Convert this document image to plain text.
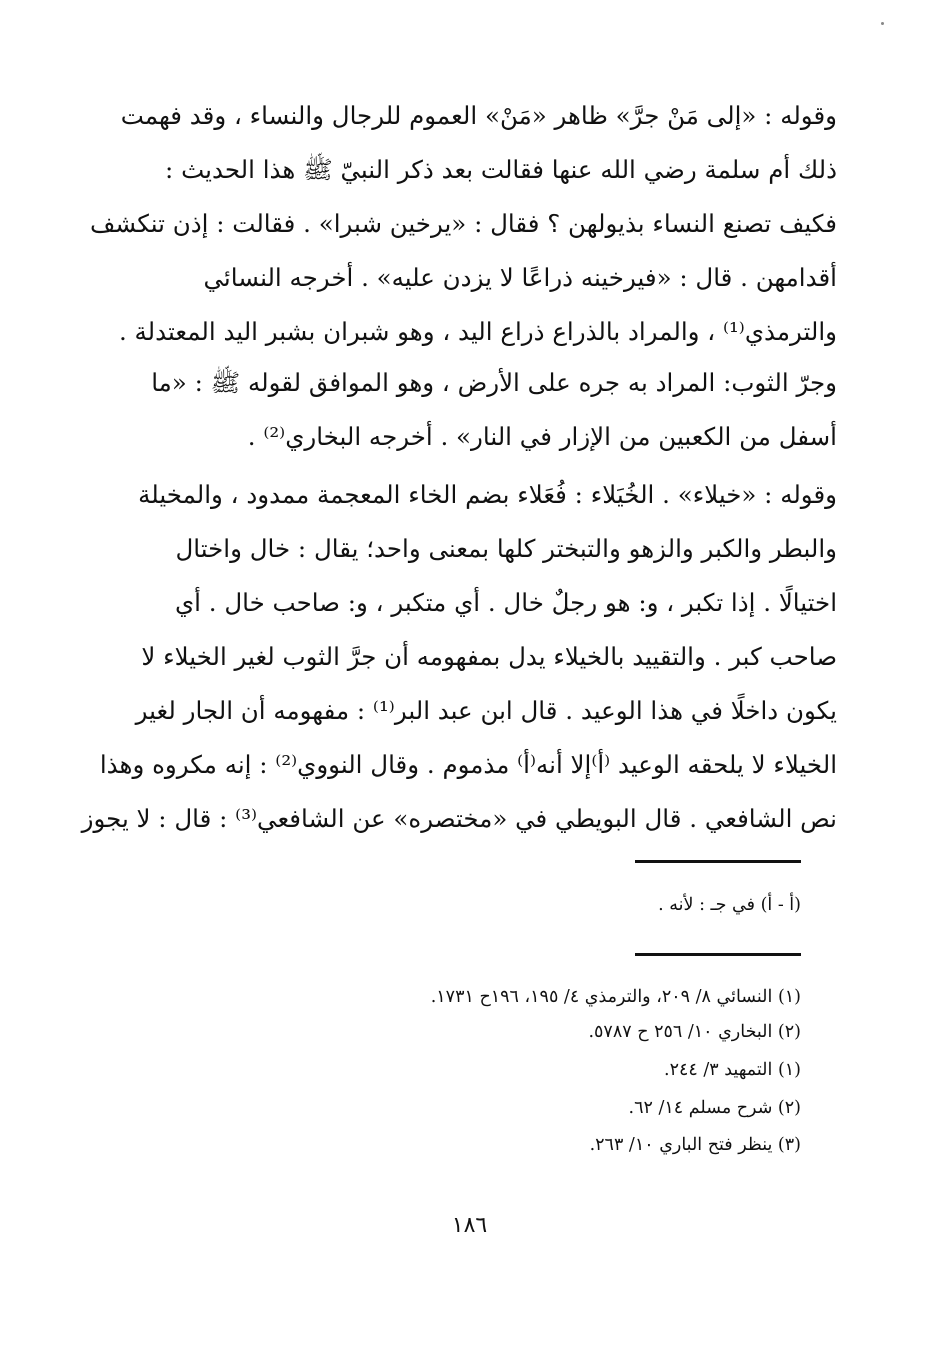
وقوله : «إلى مَنْ جرَّ» ظاهر «مَنْ» العموم للرجال والنساء ، وقد فهمت
ذلك أم سلمة رضي الله عنها فقالت بعد ذكر النبيّ ﷺ هذا الحديث :
فكيف تصنع النساء بذيولهن ؟ فقال : «يرخين شبرا» . فقالت : إذن تنكشف
أقدامهن . قال : «فيرخينه ذراعًا لا يزدن عليه» . أخرجه النسائي
والترمذي⁽¹⁾ ، والمراد بالذراع ذراع اليد ، وهو شبران بشبر اليد المعتدلة .

وجرّ الثوب: المراد به جره على الأرض ، وهو الموافق لقوله ﷺ : «ما
أسفل من الكعبين من الإزار في النار» . أخرجه البخاري⁽²⁾ .

وقوله : «خيلاء» . الخُيَلاء : فُعَلاء بضم الخاء المعجمة ممدود ، والمخيلة
والبطر والكبر والزهو والتبختر كلها بمعنى واحد؛ يقال : خال واختال
اختيالًا . إذا تكبر ، و: هو رجلٌ خال . أي متكبر ، و: صاحب خال . أي
صاحب كبر . والتقييد بالخيلاء يدل بمفهومه أن جرَّ الثوب لغير الخيلاء لا
يكون داخلًا في هذا الوعيد . قال ابن عبد البر⁽¹⁾ : مفهومه أن الجار لغير
الخيلاء لا يلحقه الوعيد ⁽أ⁾إلا أنه⁽أ⁾ مذموم . وقال النووي⁽²⁾ : إنه مكروه وهذا
نص الشافعي . قال البويطي في «مختصره» عن الشافعي⁽³⁾ : قال : لا يجوز

(أ - أ) في جـ : لأنه .

(١) النسائي ٨/ ٢٠٩، والترمذي ٤/ ١٩٥، ١٩٦ح ١٧٣١.
(٢) البخاري ١٠/ ٢٥٦ ح ٥٧٨٧.
(١) التمهيد ٣/ ٢٤٤.
(٢) شرح مسلم ١٤/ ٦٢.
(٣) ينظر فتح الباري ١٠/ ٢٦٣.
١٨٦
